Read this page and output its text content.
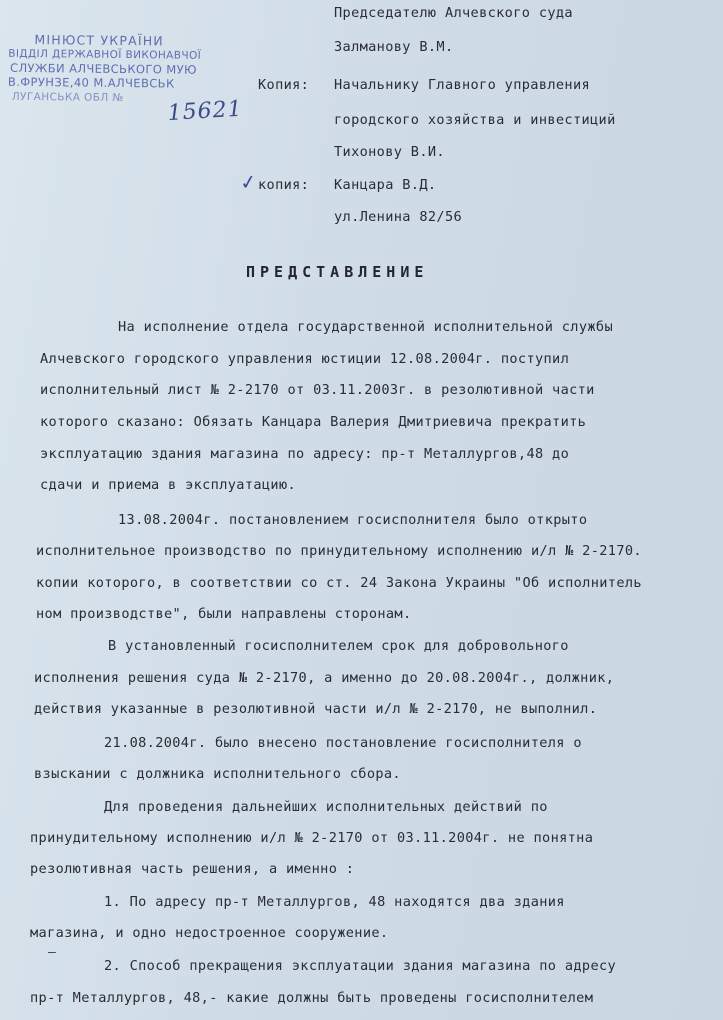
МІНЮСТ УКРАЇНИ
ВІДДІЛ ДЕРЖАВНОЇ ВИКОНАВЧОЇ
СЛУЖБИ АЛЧЕВСЬКОГО МУЮ
В.ФРУНЗЕ,40 М.АЛЧЕВСЬК
ЛУГАНСЬКА ОБЛ № 15621
Председателю Алчевского суда
Залманову В.М.
Копия: Начальнику Главного управления
городского хозяйства и инвестиций
Тихонову В.И.
✓ копия: Канцара В.Д.
ул.Ленина 82/56
ПРЕДСТАВЛЕНИЕ
На исполнение отдела государственной исполнительной службы
Алчевского городского управления юстиции 12.08.2004г. поступил
исполнительный лист № 2-2170 от 03.11.2003г. в резолютивной части
которого сказано: Обязать Канцара Валерия Дмитриевича прекратить
эксплуатацию здания магазина по адресу: пр-т Металлургов,48 до
сдачи и приема в эксплуатацию.
13.08.2004г. постановлением госисполнителя было открыто
исполнительное производство по принудительному исполнению и/л № 2-2170.
копии которого, в соответствии со ст. 24 Закона Украины "Об исполнитель
ном производстве", были направлены сторонам.
В установленный госисполнителем срок для добровольного
исполнения решения суда № 2-2170, а именно до 20.08.2004г., должник,
действия указанные в резолютивной части и/л № 2-2170, не выполнил.
21.08.2004г. было внесено постановление госисполнителя о
взыскании с должника исполнительного сбора.
Для проведения дальнейших исполнительных действий по
принудительному исполнению и/л № 2-2170 от 03.11.2004г. не понятна
резолютивная часть решения, а именно :
1. По адресу пр-т Металлургов, 48 находятся два здания
магазина, и одно недостроенное сооружение.
–
2. Способ прекращения эксплуатации здания магазина по адресу
пр-т Металлургов, 48,- какие должны быть проведены госисполнителем
